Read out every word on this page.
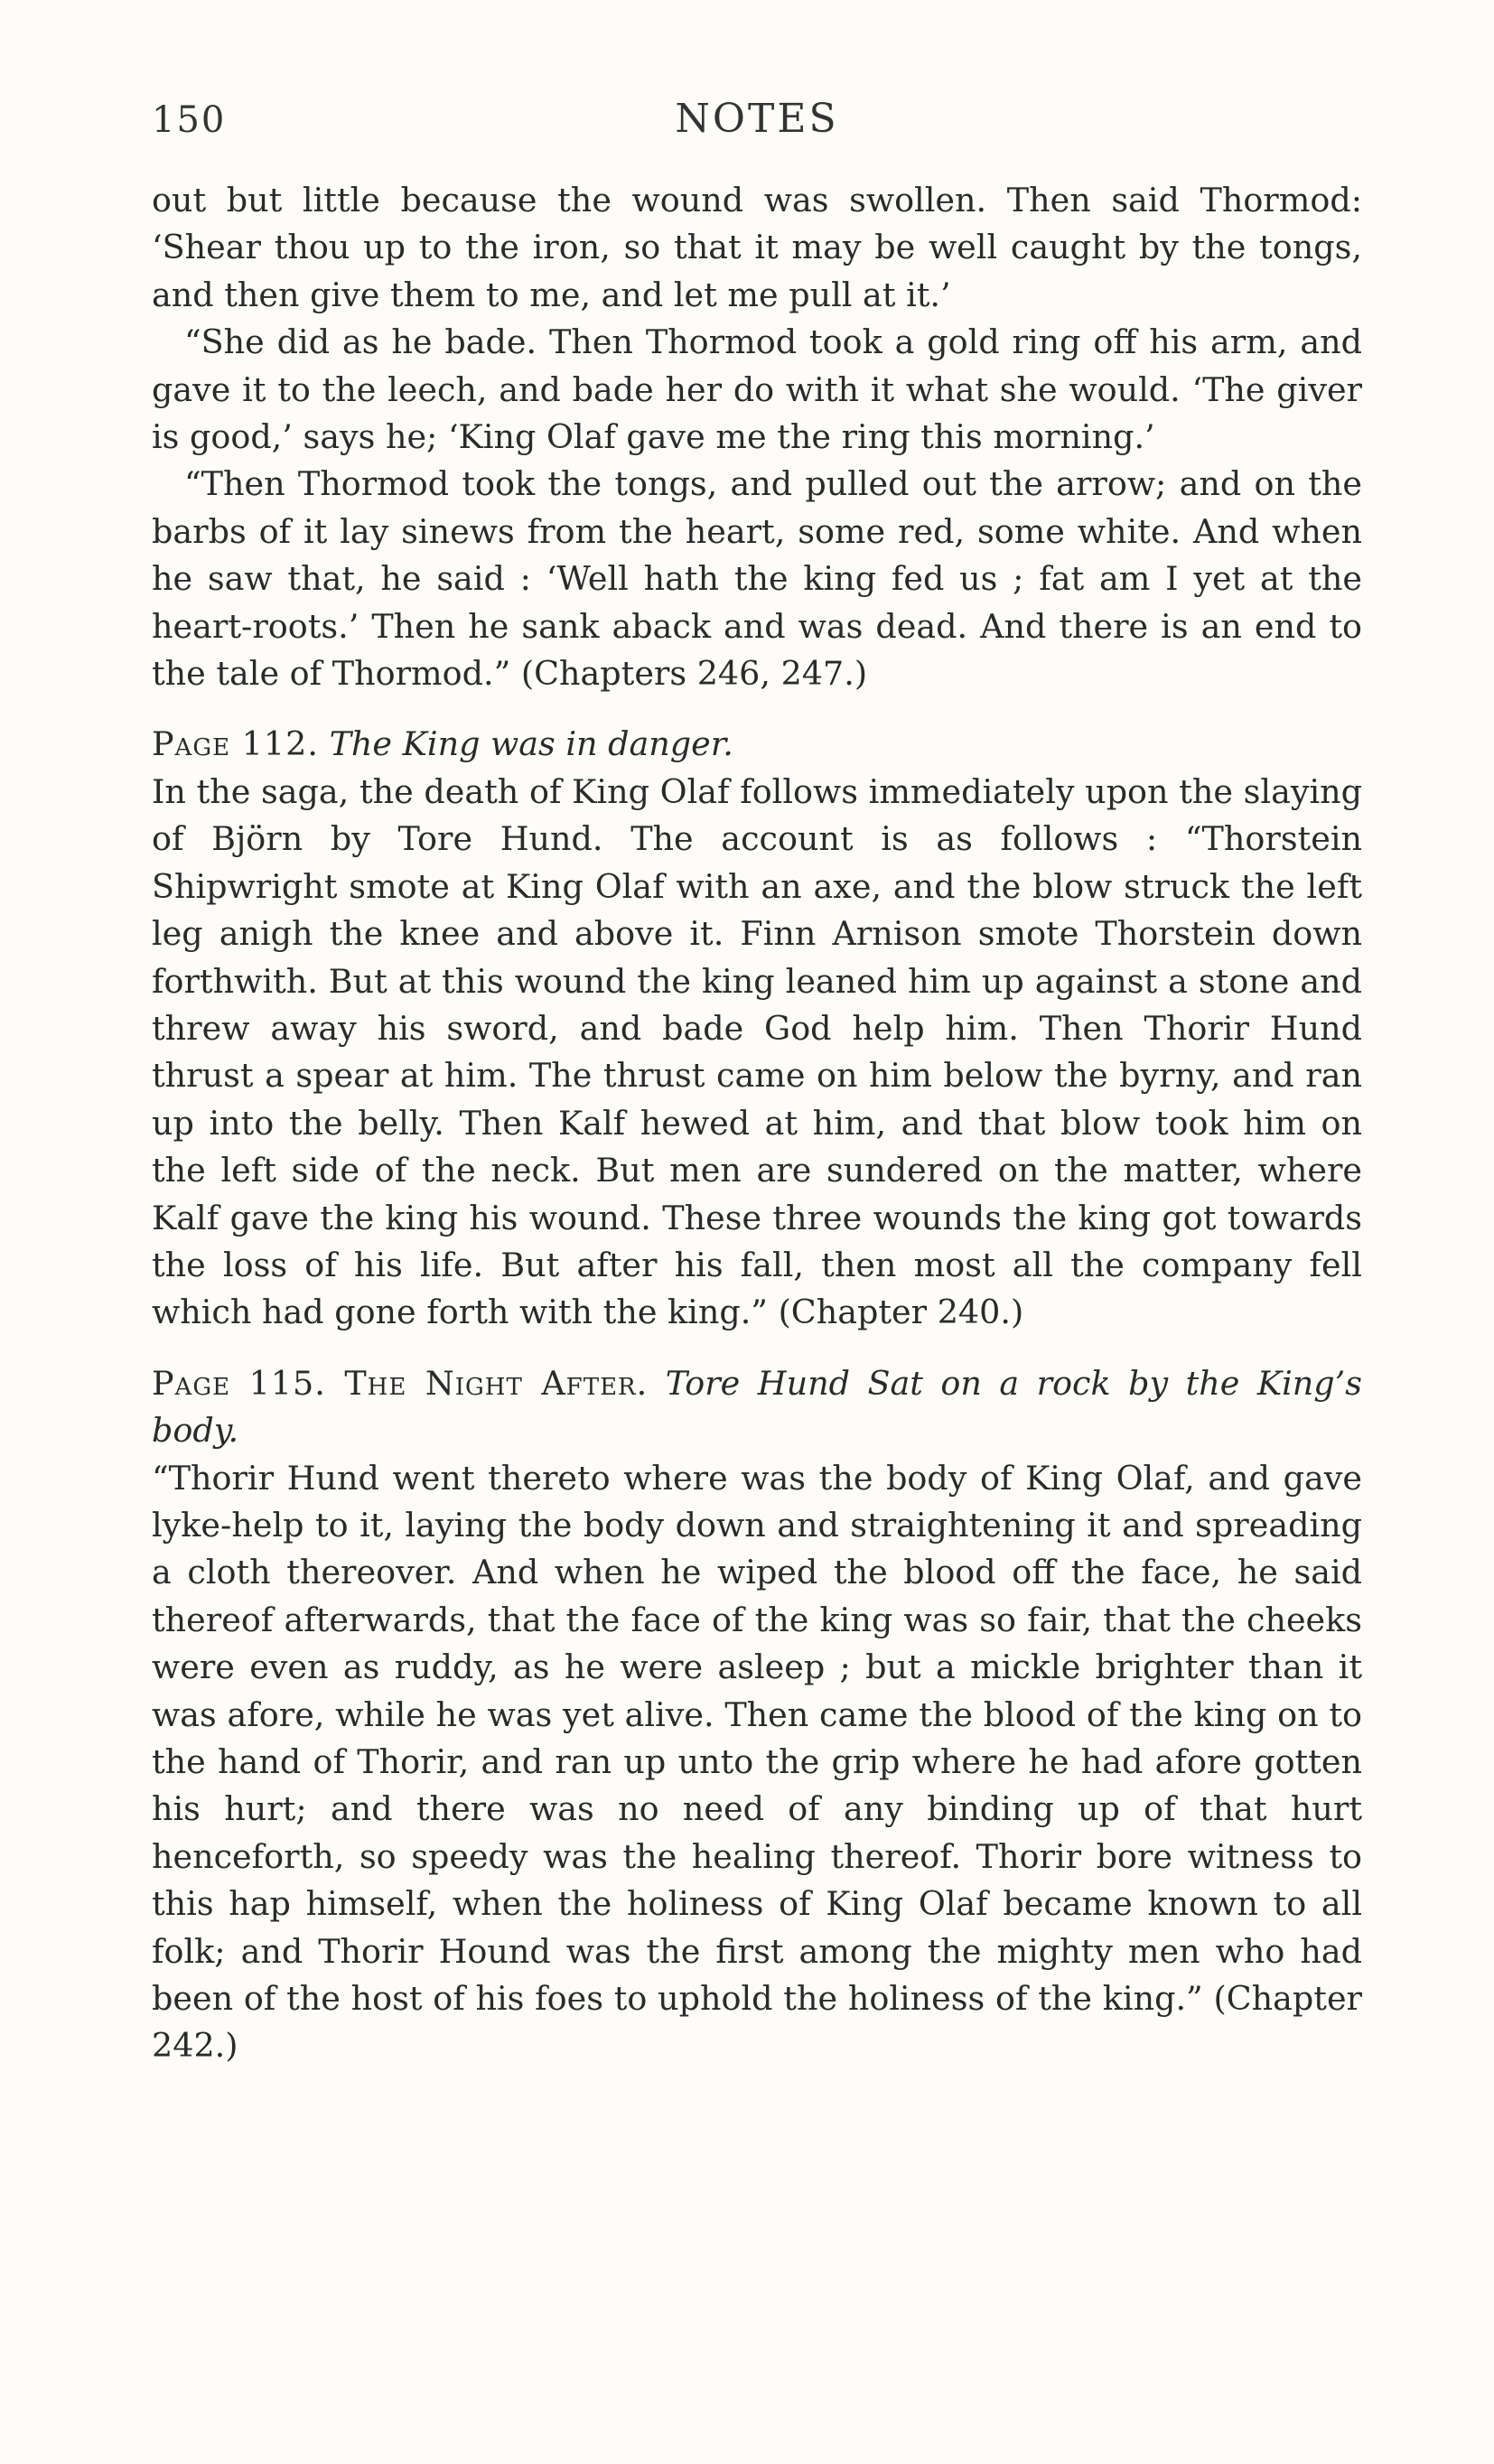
150	NOTES

out but little because the wound was swollen. Then said Thormod: ‘Shear thou up to the iron, so that it may be well caught by the tongs, and then give them to me, and let me pull at it.’

“She did as he bade. Then Thormod took a gold ring off his arm, and gave it to the leech, and bade her do with it what she would. ‘The giver is good,’ says he; ‘King Olaf gave me the ring this morning.’

“Then Thormod took the tongs, and pulled out the arrow; and on the barbs of it lay sinews from the heart, some red, some white. And when he saw that, he said : ‘Well hath the king fed us ; fat am I yet at the heart-roots.’ Then he sank aback and was dead. And there is an end to the tale of Thormod.” (Chapters 246, 247.)

Page 112. The King was in danger.

In the saga, the death of King Olaf follows immediately upon the slaying of Björn by Tore Hund. The account is as follows : “Thorstein Shipwright smote at King Olaf with an axe, and the blow struck the left leg anigh the knee and above it. Finn Arnison smote Thorstein down forthwith. But at this wound the king leaned him up against a stone and threw away his sword, and bade God help him. Then Thorir Hund thrust a spear at him. The thrust came on him below the byrny, and ran up into the belly. Then Kalf hewed at him, and that blow took him on the left side of the neck. But men are sundered on the matter, where Kalf gave the king his wound. These three wounds the king got towards the loss of his life. But after his fall, then most all the company fell which had gone forth with the king.” (Chapter 240.)

Page 115. The Night After. Tore Hund Sat on a rock by the King’s body.

“Thorir Hund went thereto where was the body of King Olaf, and gave lyke-help to it, laying the body down and straightening it and spreading a cloth thereover. And when he wiped the blood off the face, he said thereof afterwards, that the face of the king was so fair, that the cheeks were even as ruddy, as he were asleep ; but a mickle brighter than it was afore, while he was yet alive. Then came the blood of the king on to the hand of Thorir, and ran up unto the grip where he had afore gotten his hurt; and there was no need of any binding up of that hurt henceforth, so speedy was the healing thereof. Thorir bore witness to this hap himself, when the holiness of King Olaf became known to all folk; and Thorir Hound was the first among the mighty men who had been of the host of his foes to uphold the holiness of the king.” (Chapter 242.)
